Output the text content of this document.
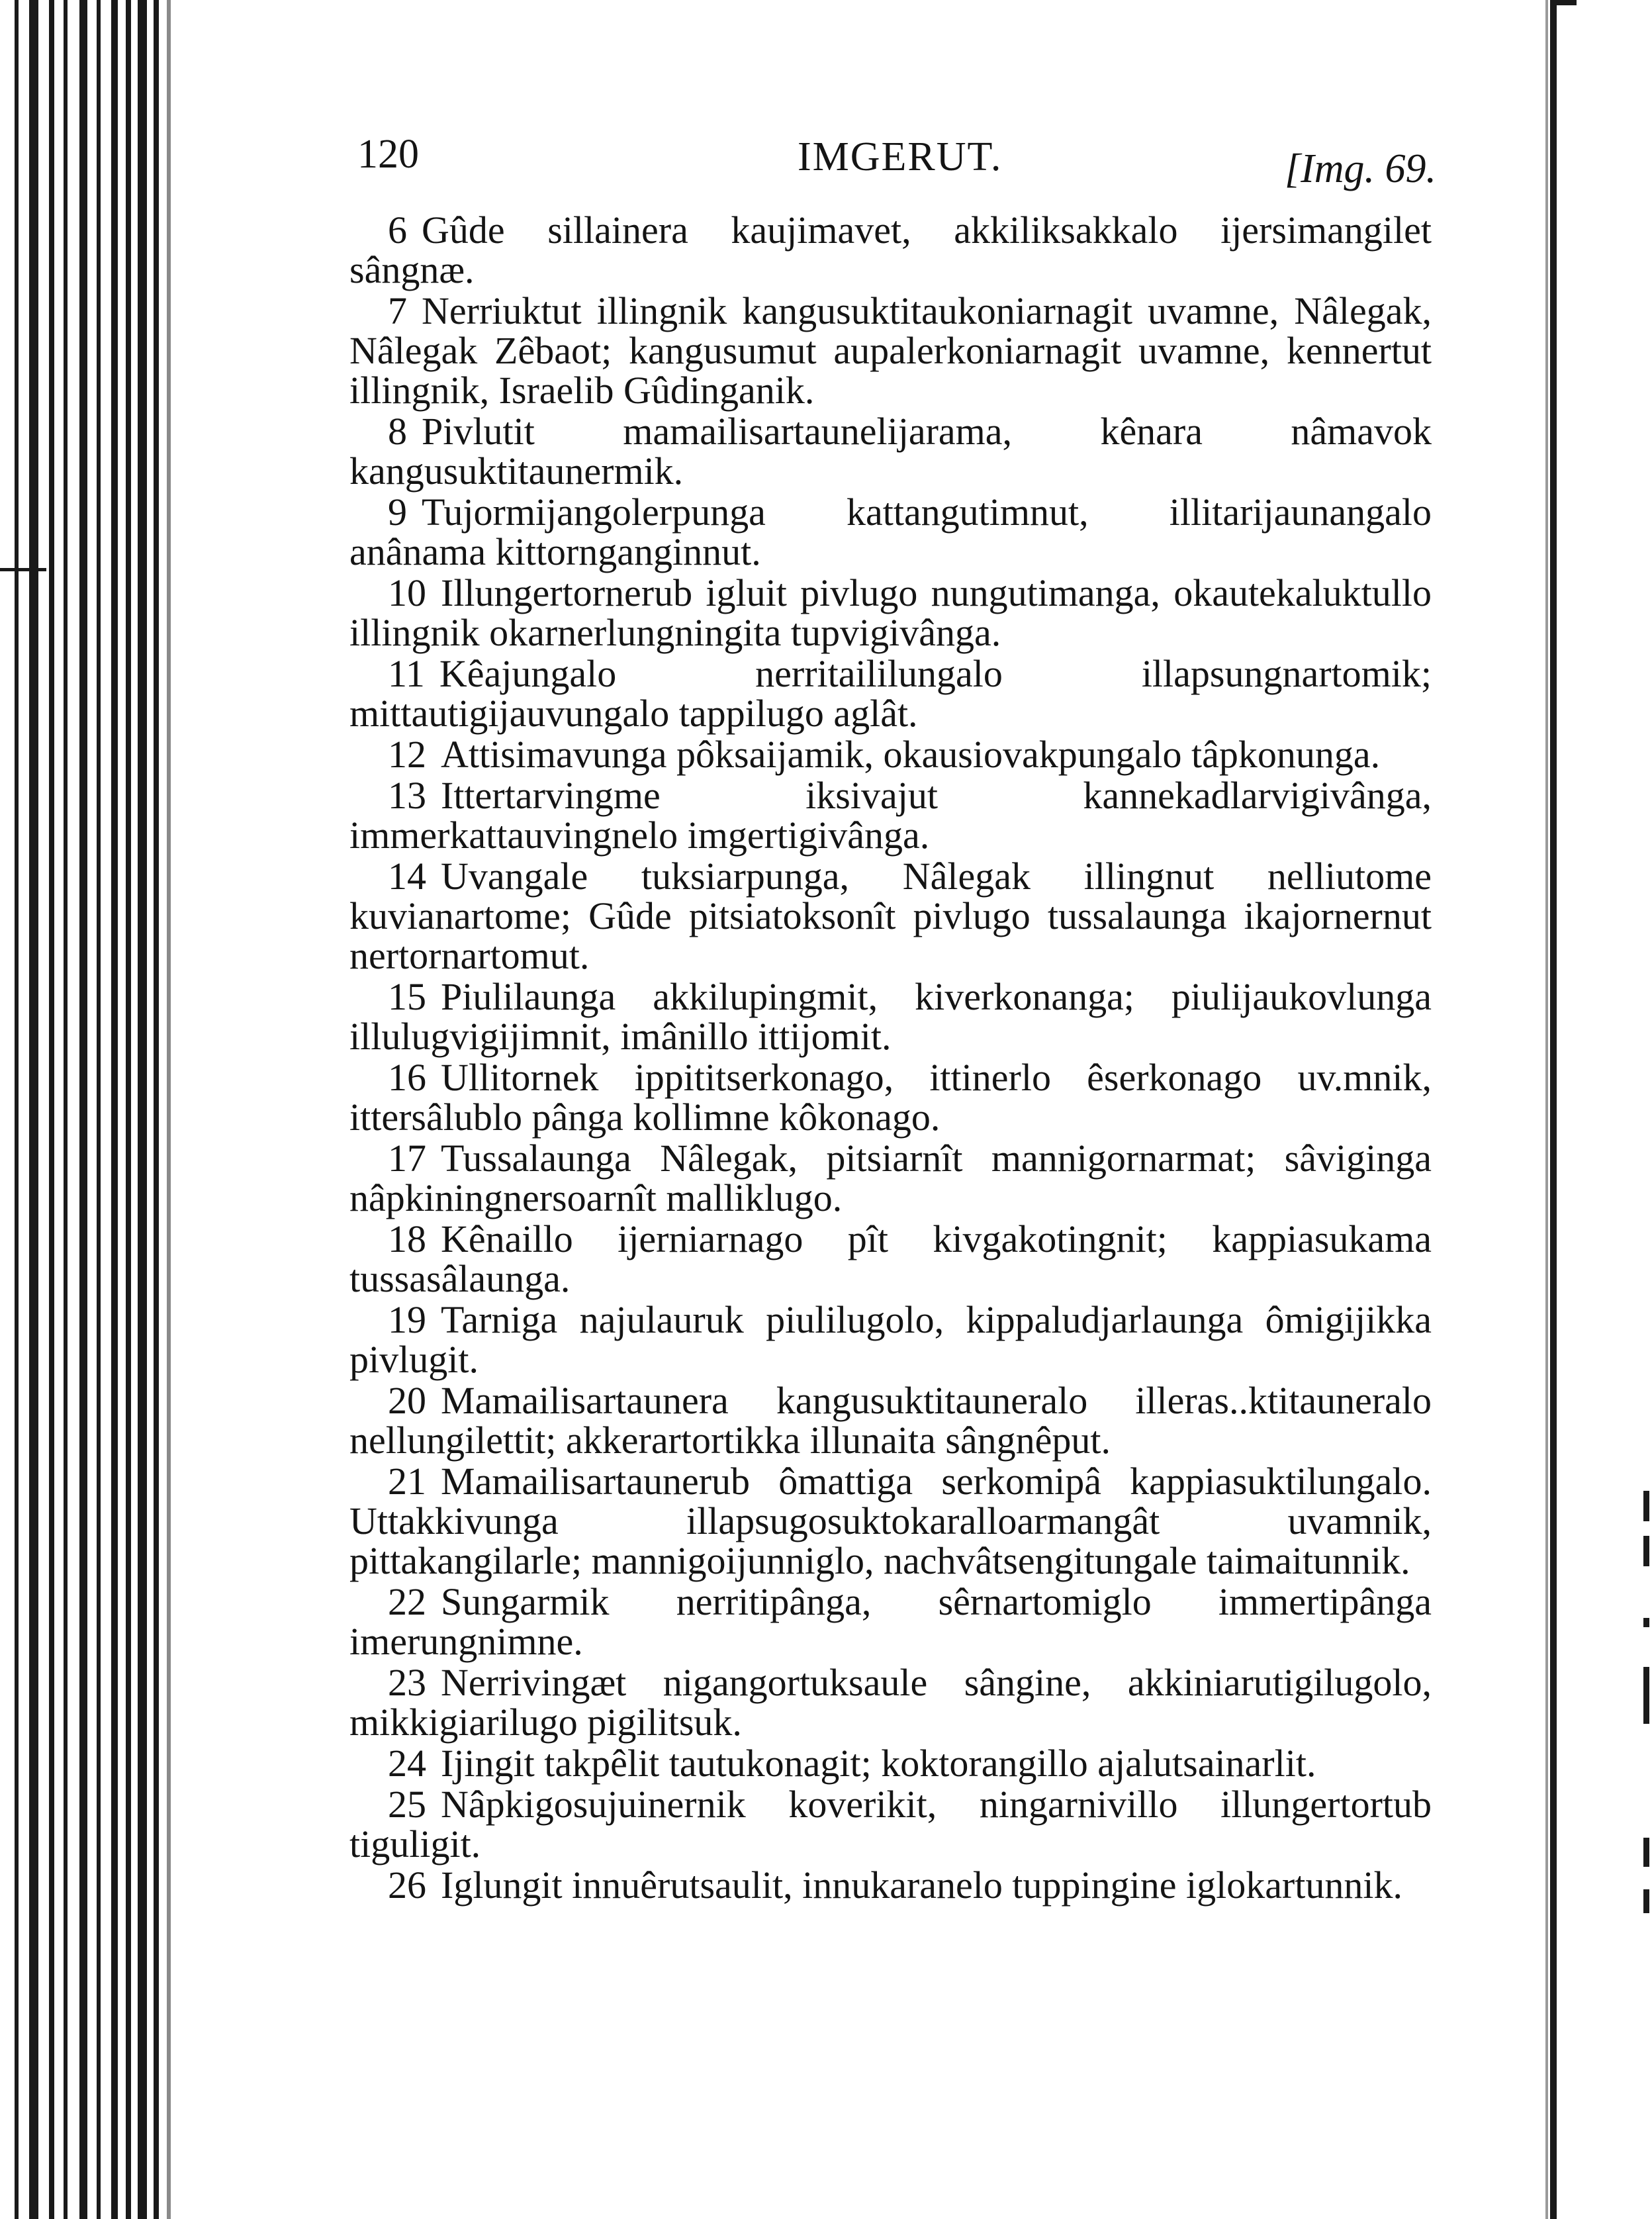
120	IMGERUT.	[Img. 69.

6 Gûde sillainera kaujimavet, akkiliksakkalo ijersimangilet sângnæ.

7 Nerriuktut illingnik kangusuktitaukoniarnagit uvamne, Nâlegak, Nâlegak Zêbaot; kangusumut aupalerkoniarnagit uvamne, kennertut illingnik, Israelib Gûdinganik.

8 Pivlutit mamailisartaunelijarama, kênara nâmavok kangusuktitaunermik.

9 Tujormijangolerpunga kattangutimnut, illitarijaunangalo anânama kittornganginnut.

10 Illungertornerub igluit pivlugo nungutimanga, okautekaluktullo illingnik okarnerlungningita tupvigivânga.

11 Kêajungalo nerritaililungalo illapsungnartomik; mittautigijauvungalo tappilugo aglât.

12 Attisimavunga pôksaijamik, okausiovakpungalo tâpkonunga.

13 Ittertarvingme iksivajut kannekadlarvigivânga, immerkattauvingnelo imgertigivânga.

14 Uvangale tuksiarpunga, Nâlegak illingnut nelliutome kuvianartome; Gûde pitsiatoksonît pivlugo tussalaunga ikajornernut nertornartomut.

15 Piulilaunga akkilupingmit, kiverkonanga; piulijaukovlunga illulugvigijimnit, imânillo ittijomit.

16 Ullitornek ippititserkonago, ittinerlo êserkonago uv.mnik, ittersâlublo pânga kollimne kôkonago.

17 Tussalaunga Nâlegak, pitsiarnît mannigornarmat; sâviginga nâpkiningnersoarnît malliklugo.

18 Kênaillo ijerniarnago pît kivgakotingnit; kappiasukama tussasâlaunga.

19 Tarniga najulauruk piulilugolo, kippaludjarlaunga ômigijikka pivlugit.

20 Mamailisartaunera kangusuktitauneralo illeras..ktitauneralo nellungilettit; akkerartortikka illunaita sângnêput.

21 Mamailisartaunerub ômattiga serkomipâ kappiasuktilungalo. Uttakkivunga illapsugosuktokaralloarmangât uvamnik, pittakangilarle; mannigoijunniglo, nachvâtsengitungale taimaitunnik.

22 Sungarmik nerritipânga, sêrnartomiglo immertipânga imerungnimne.

23 Nerrivingæt nigangortuksaule sângine, akkiniarutigilugolo, mikkigiarilugo pigilitsuk.

24 Ijingit takpêlit tautukonagit; koktorangillo ajalutsainarlit.

25 Nâpkigosujuinernik koverikit, ningarnivillo illungertortub tiguligit.

26 Iglungit innuêrutsaulit, innukaranelo tuppingine iglokartunnik.
